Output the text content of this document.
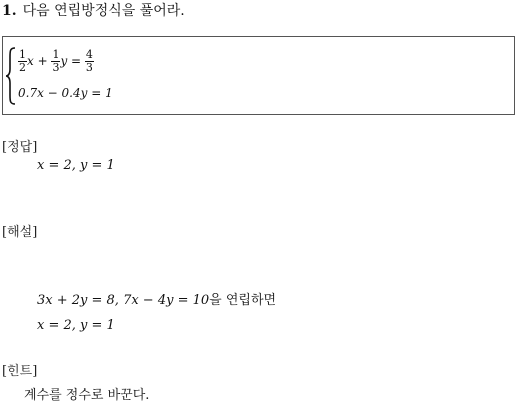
1. 다음 연립방정식을 풀어라.
$\frac{1}{2}$ $x + \frac{1}{3}$ $y = \frac{4}{3}$
0.7x − 0.4y = 1
[정답]
x = 2, y = 1
[해설]
3x + 2y = 8, 7x − 4y = 10을 연립하면
x = 2, y = 1
[힌트]
계수를 정수로 바꾼다.
